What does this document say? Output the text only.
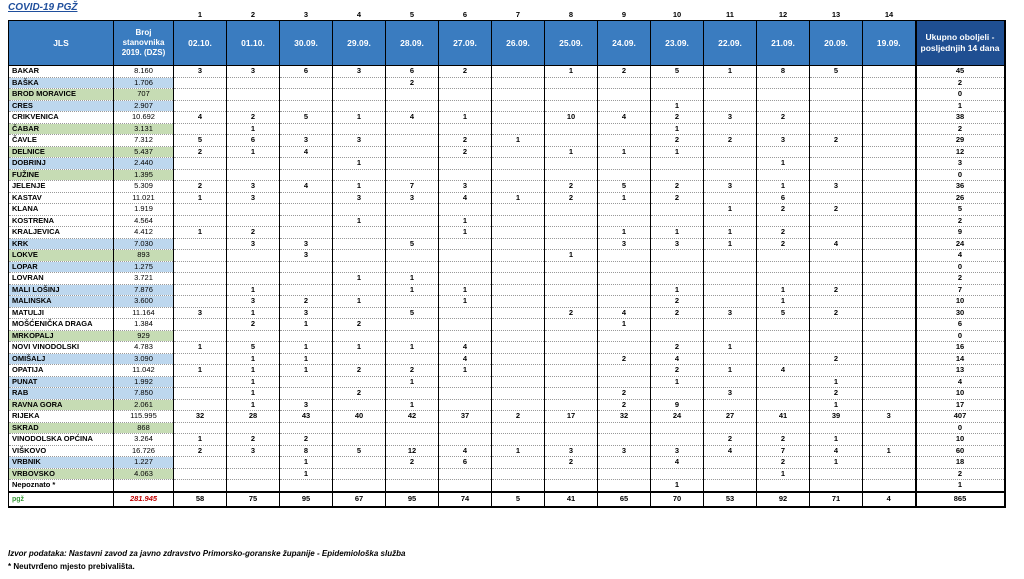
COVID-19 PGŽ
		1	2	3	4	5	6	7	8	9	10	11	12	13	14	
JLS	Broj stanovnika 2019. (DZS)	02.10.	01.10.	30.09.	29.09.	28.09.	27.09.	26.09.	25.09.	24.09.	23.09.	22.09.	21.09.	20.09.	19.09.	Ukupno oboljeli - posljednjih 14 dana
BAKAR	8.160	3	3	6	3	6	2		1	2	5	1	8	5		45
BAŠKA	1.706					2										2
BROD MORAVICE	707															0
CRES	2.907										1					1
CRIKVENICA	10.692	4	2	5	1	4	1		10	4	2	3	2			38
ČABAR	3.131		1								1					2
ČAVLE	7.312	5	6	3	3		2	1			2	2	3	2		29
DELNICE	5.437	2	1	4			2		1	1	1					12
DOBRINJ	2.440				1								1			3
FUŽINE	1.395															0
JELENJE	5.309	2	3	4	1	7	3		2	5	2	3	1	3		36
KASTAV	11.021	1	3		3	3	4	1	2	1	2		6			26
KLANA	1.919											1	2	2		5
KOSTRENA	4.564				1		1									2
KRALJEVICA	4.412	1	2				1			1	1	1	2			9
KRK	7.030		3	3		5				3	3	1	2	4		24
LOKVE	893			3					1							4
LOPAR	1.275															0
LOVRAN	3.721				1	1										2
MALI LOŠINJ	7.876		1			1	1				1		1	2		7
MALINSKA	3.600		3	2	1		1				2		1			10
MATULJI	11.164	3	1	3		5			2	4	2	3	5	2		30
MOŠĆENIČKA DRAGA	1.384		2	1	2					1						6
MRKOPALJ	929															0
NOVI VINODOLSKI	4.783	1	5	1	1	1	4				2	1				16
OMIŠALJ	3.090		1	1			4			2	4			2		14
OPATIJA	11.042	1	1	1	2	2	1				2	1	4			13
PUNAT	1.992		1			1					1			1		4
RAB	7.850		1		2					2		3		2		10
RAVNA GORA	2.061		1	3		1				2	9			1		17
RIJEKA	115.995	32	28	43	40	42	37	2	17	32	24	27	41	39	3	407
SKRAD	868															0
VINODOLSKA OPĆINA	3.264	1	2	2								2	2	1		10
VIŠKOVO	16.726	2	3	8	5	12	4	1	3	3	3	4	7	4	1	60
VRBNIK	1.227			1		2	6		2		4		2	1		18
VRBOVSKO	4.063			1									1			2
Nepoznato *											1					1
pgž	281.945	58	75	95	67	95	74	5	41	65	70	53	92	71	4	865
Izvor podataka: Nastavni zavod za javno zdravstvo Primorsko-goranske županije - Epidemiološka služba
* Neutvrđeno mjesto prebivališta.
